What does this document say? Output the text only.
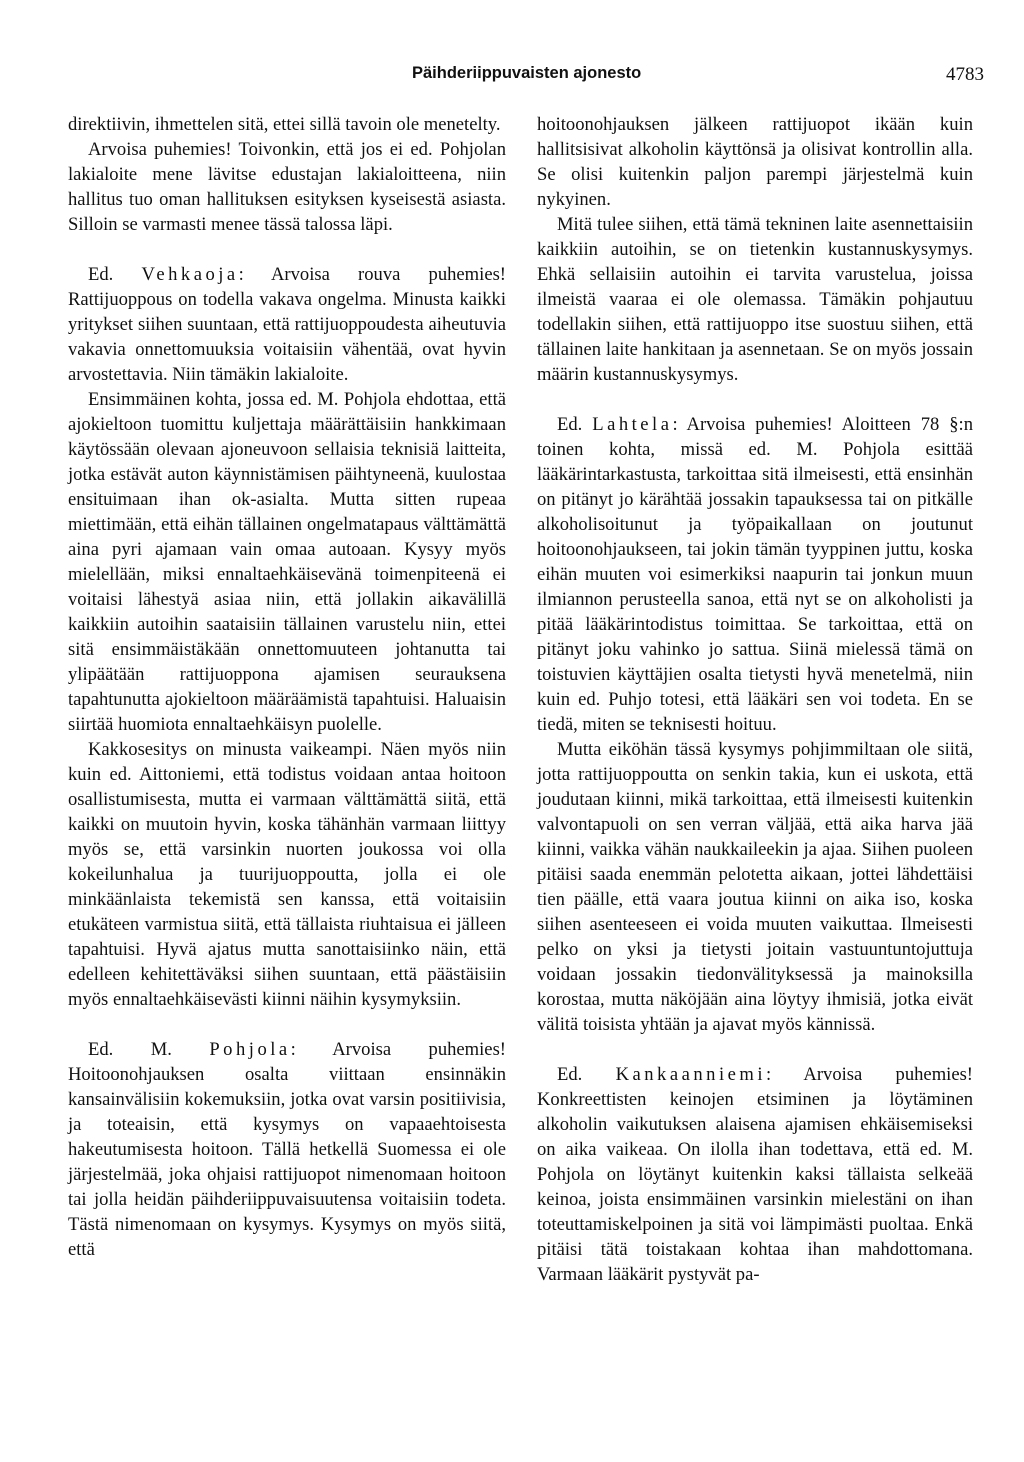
Päihderiippuvaisten ajonesto	4783

direktiivin, ihmettelen sitä, ettei sillä tavoin ole menetelty.

Arvoisa puhemies! Toivonkin, että jos ei ed. Pohjolan lakialoite mene lävitse edustajan lakialoitteena, niin hallitus tuo oman hallituksen esityksen kyseisestä asiasta. Silloin se varmasti menee tässä talossa läpi.

Ed. Vehkaoja: Arvoisa rouva puhemies! Rattijuoppous on todella vakava ongelma. Minusta kaikki yritykset siihen suuntaan, että rattijuoppoudesta aiheutuvia vakavia onnettomuuksia voitaisiin vähentää, ovat hyvin arvostettavia. Niin tämäkin lakialoite.

Ensimmäinen kohta, jossa ed. M. Pohjola ehdottaa, että ajokieltoon tuomittu kuljettaja määrättäisiin hankkimaan käytössään olevaan ajoneuvoon sellaisia teknisiä laitteita, jotka estävät auton käynnistämisen päihtyneenä, kuulostaa ensituimaan ihan ok-asialta. Mutta sitten rupeaa miettimään, että eihän tällainen ongelmatapaus välttämättä aina pyri ajamaan vain omaa autoaan. Kysyy myös mielellään, miksi ennaltaehkäisevänä toimenpiteenä ei voitaisi lähestyä asiaa niin, että jollakin aikavälillä kaikkiin autoihin saataisiin tällainen varustelu niin, ettei sitä ensimmäistäkään onnettomuuteen johtanutta tai ylipäätään rattijuoppona ajamisen seurauksena tapahtunutta ajokieltoon määräämistä tapahtuisi. Haluaisin siirtää huomiota ennaltaehkäisyn puolelle.

Kakkosesitys on minusta vaikeampi. Näen myös niin kuin ed. Aittoniemi, että todistus voidaan antaa hoitoon osallistumisesta, mutta ei varmaan välttämättä siitä, että kaikki on muutoin hyvin, koska tähänhän varmaan liittyy myös se, että varsinkin nuorten joukossa voi olla kokeilunhalua ja tuurijuoppoutta, jolla ei ole minkäänlaista tekemistä sen kanssa, että voitaisiin etukäteen varmistua siitä, että tällaista riuhtaisua ei jälleen tapahtuisi. Hyvä ajatus mutta sanottaisiinko näin, että edelleen kehitettäväksi siihen suuntaan, että päästäisiin myös ennaltaehkäisevästi kiinni näihin kysymyksiin.

Ed. M. Pohjola: Arvoisa puhemies! Hoitoonohjauksen osalta viittaan ensinnäkin kansainvälisiin kokemuksiin, jotka ovat varsin positiivisia, ja toteaisin, että kysymys on vapaaehtoisesta hakeutumisesta hoitoon. Tällä hetkellä Suomessa ei ole järjestelmää, joka ohjaisi rattijuopot nimenomaan hoitoon tai jolla heidän päihderiippuvaisuutensa voitaisiin todeta. Tästä nimenomaan on kysymys. Kysymys on myös siitä, että

hoitoonohjauksen jälkeen rattijuopot ikään kuin hallitsisivat alkoholin käyttönsä ja olisivat kontrollin alla. Se olisi kuitenkin paljon parempi järjestelmä kuin nykyinen.

Mitä tulee siihen, että tämä tekninen laite asennettaisiin kaikkiin autoihin, se on tietenkin kustannuskysymys. Ehkä sellaisiin autoihin ei tarvita varustelua, joissa ilmeistä vaaraa ei ole olemassa. Tämäkin pohjautuu todellakin siihen, että rattijuoppo itse suostuu siihen, että tällainen laite hankitaan ja asennetaan. Se on myös jossain määrin kustannuskysymys.

Ed. Lahtela: Arvoisa puhemies! Aloitteen 78 §:n toinen kohta, missä ed. M. Pohjola esittää lääkärintarkastusta, tarkoittaa sitä ilmeisesti, että ensinhän on pitänyt jo kärähtää jossakin tapauksessa tai on pitkälle alkoholisoitunut ja työpaikallaan on joutunut hoitoonohjaukseen, tai jokin tämän tyyppinen juttu, koska eihän muuten voi esimerkiksi naapurin tai jonkun muun ilmiannon perusteella sanoa, että nyt se on alkoholisti ja pitää lääkärintodistus toimittaa. Se tarkoittaa, että on pitänyt joku vahinko jo sattua. Siinä mielessä tämä on toistuvien käyttäjien osalta tietysti hyvä menetelmä, niin kuin ed. Puhjo totesi, että lääkäri sen voi todeta. En se tiedä, miten se teknisesti hoituu.

Mutta eiköhän tässä kysymys pohjimmiltaan ole siitä, jotta rattijuoppoutta on senkin takia, kun ei uskota, että joudutaan kiinni, mikä tarkoittaa, että ilmeisesti kuitenkin valvontapuoli on sen verran väljää, että aika harva jää kiinni, vaikka vähän naukkaileekin ja ajaa. Siihen puoleen pitäisi saada enemmän pelotetta aikaan, jottei lähdettäisi tien päälle, että vaara joutua kiinni on aika iso, koska siihen asenteeseen ei voida muuten vaikuttaa. Ilmeisesti pelko on yksi ja tietysti joitain vastuuntuntojuttuja voidaan jossakin tiedonvälityksessä ja mainoksilla korostaa, mutta näköjään aina löytyy ihmisiä, jotka eivät välitä toisista yhtään ja ajavat myös kännissä.

Ed. Kankaanniemi: Arvoisa puhemies! Konkreettisten keinojen etsiminen ja löytäminen alkoholin vaikutuksen alaisena ajamisen ehkäisemiseksi on aika vaikeaa. On ilolla ihan todettava, että ed. M. Pohjola on löytänyt kuitenkin kaksi tällaista selkeää keinoa, joista ensimmäinen varsinkin mielestäni on ihan toteuttamiskelpoinen ja sitä voi lämpimästi puoltaa. Enkä pitäisi tätä toistakaan kohtaa ihan mahdottomana. Varmaan lääkärit pystyvät pa-
